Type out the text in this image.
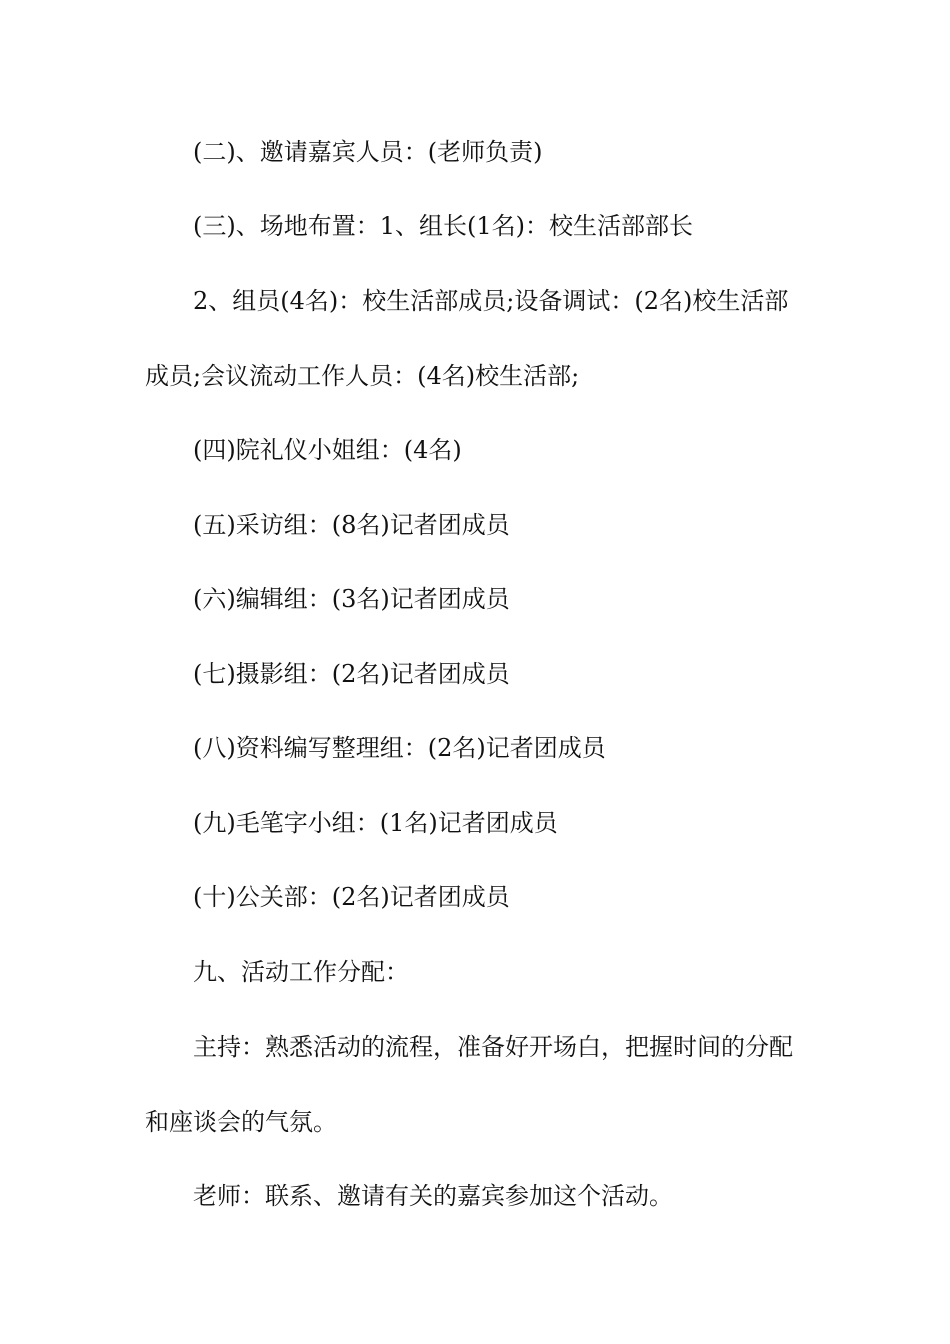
(二)、邀请嘉宾人员：(老师负责)
(三)、场地布置：1、组长(1名)：校生活部部长
2、组员(4名)：校生活部成员;设备调试：(2名)校生活部
成员;会议流动工作人员：(4名)校生活部;
(四)院礼仪小姐组：(4名)
(五)采访组：(8名)记者团成员
(六)编辑组：(3名)记者团成员
(七)摄影组：(2名)记者团成员
(八)资料编写整理组：(2名)记者团成员
(九)毛笔字小组：(1名)记者团成员
(十)公关部：(2名)记者团成员
九、活动工作分配：
主持：熟悉活动的流程，准备好开场白，把握时间的分配
和座谈会的气氛。
老师：联系、邀请有关的嘉宾参加这个活动。
